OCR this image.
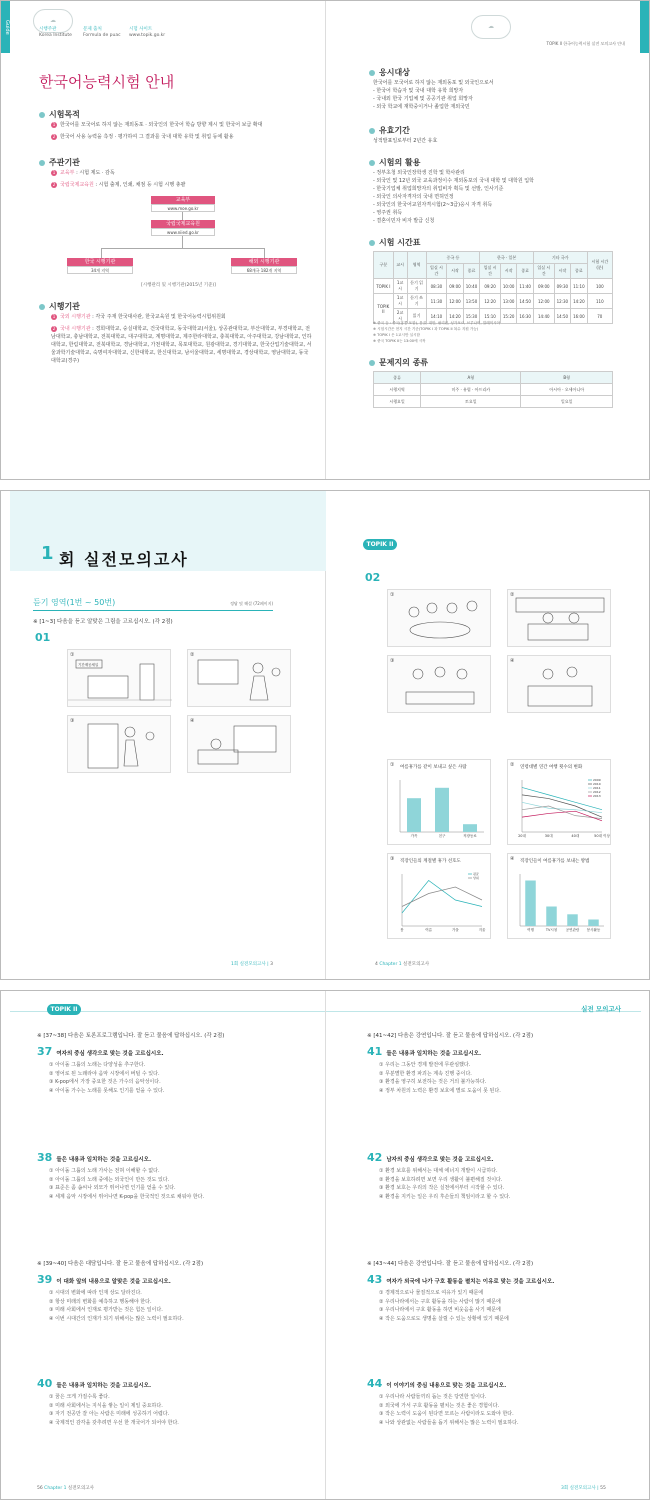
Guide	☁
☁
시행주관
Korea Institute
문제 출처
Formula de puac
시험 사이트
www.topik.go.kr
TOPIK II 한국어능력시험 실전 모의고사 안내
한국어능력시험 안내
시험목적
1 한국어를 모국어로 하지 않는 재외동포 · 외국인의 한국어 학습 방향 제시 및 한국어 보급 확대
2 한국어 사용 능력을 측정 · 평가하여 그 결과를 국내 대학 유학 및 취업 등에 활용
주관기관
1 교육부 : 시험 제도 · 감독
2 국립국제교육원 : 시험 출제, 인쇄, 채점 등 시험 시행 총괄
교육부
www.moe.go.kr
국립국제교육원
www.niied.go.kr
한국 시행기관
34개 지역
해외 시행기관
68개국 182개 지역
[시행관리 및 시행기관(2015년 기준)]
시행기관
1 국외 시행기관 : 각국 주재 한국대사관, 한국교육원 및 한국어능력시험위원회
2 국내 시행기관 : 경희대학교, 숭실대학교, 건국대학교, 동국대학교(서울), 상공관대학교, 부산대학교, 부경대학교, 전남대학교, 충남대학교, 전북대학교, 대구대학교, 계명대학교, 제주한라대학교, 충북대학교, 아주대학교, 강남대학교, 인하대학교, 한림대학교, 전북대학교, 경남대학교, 가천대학교, 목포대학교, 원광대학교, 경기대학교, 한국산업기술대학교, 서울과학기술대학교, 숙명여자대학교, 신한대학교, 한신대학교, 남서울대학교, 세명대학교, 경상대학교, 영남대학교, 동국대학교(경주)
응시대상
한국어를 모국어로 하지 않는 재외동포 및 외국인으로서
- 한국어 학습자 및 국내 대학 유학 희망자
- 국내외 한국 기업체 및 공공기관 취업 희망자
- 외국 학교에 재학중이거나 졸업한 재외국민
유효기간
성적발표일로부터 2년간 유효
시험의 활용
- 정부초청 외국인장학생 진학 및 학사관리
- 외국인 및 12년 외국 교육과정이수 재외동포의 국내 대학 및 대학원 입학
- 한국기업체 취업희망자의 취업비자 획득 및 선발, 인사기준
- 외국인 의사자격자의 국내 면허인정
- 외국인의 한국어교원자격시험(2~3급)응시 자격 취득
- 영주권 취득
- 결혼이민자 비자 발급 신청
시험 시간표
구분	교시	영역	중국 등			한국 · 일본			기타 국가			시험 시간(분)
			입실 시간	시작	종료	입실 시간	시작	종료	입실 시간	시작	종료	
TOPIK I	1교시	듣기 읽기	08:30	09:00	10:40	09:20	10:00	11:40	09:00	09:30	11:10	100
TOPIK II	1교시	듣기 쓰기	11:30	12:00	13:50	12:20	13:00	14:50	12:00	12:30	14:20	110
	2교시	읽기	14:10	14:20	15:30	15:10	15:20	16:30	14:40	14:50	16:00	70
※ 중국 등 : 중국(홍콩 포함), 몽골, 대만, 필리핀, 싱가포르, 브루나이, 말레이시아
※ 시험시간은 현지 시간 기준(TOPIK I 과 TOPIK II 복수 지원 가능)
※ TOPIK I 은 1교시만 실시함
※ 중국 TOPIK II는 13:00에 시작
문제지의 종류
종류	A형	B형
시행지역	미주 · 유럽 · 아프리카	아시아 · 오세아니아
시행요일	토요일	일요일
1 회 실전모의고사
TOPIK II
듣기 영역(1번 ~ 50번)	정답 및 해설 (72페이지)
※ [1~3] 다음을 듣고 알맞은 그림을 고르십시오. (각 2점)
01
02
①
기간제공세일
②
③	④
①	②
③	④
① 여름휴가를 같이 보내고 싶은 사람
가족	친구	직장동료
② 연령대별 연간 여행 횟수의 변화
20대	30대	40대	50대 이상
2009
2010
2011
2012
2013
③ 직장인들의 계절별 휴가 선호도
봄	여름	가을	겨울
평균
상위
④ 직장인들이 여름휴가를 보내는 방법
여행	TV시청 공연관람 봉사활동
1회 실전모의고사 | 3	4 Chapter 1 실전모의고사
TOPIK II	실전 모의고사
※ [37~38] 다음은 토론프로그램입니다. 잘 듣고 물음에 답하십시오. (각 2점)
※ [39~40] 다음은 대담입니다. 잘 듣고 물음에 답하십시오. (각 2점)
※ [41~42] 다음은 강연입니다. 잘 듣고 물음에 답하십시오. (각 2점)
※ [43~44] 다음은 강연입니다. 잘 듣고 물음에 답하십시오. (각 2점)
37 여자의 중심 생각으로 맞는 것을 고르십시오.
① 아이돌 그룹의 노래는 다양성을 추구한다.
② 영어로 된 노래라야 음악 시장에서 버틸 수 있다.
③ K-pop에서 가장 중요한 것은 가수의 음악성이다.
④ 아이돌 가수는 노래를 못해도 인기를 얻을 수 있다.
38 들은 내용과 일치하는 것을 고르십시오.
① 아이돌 그룹의 노래 가사는 전혀 이해할 수 없다.
② 아이돌 그룹의 노래 중에는 외국인이 만든 것도 있다.
③ 표준은 좀 솜씨나 외모가 뛰어나면 인기를 얻을 수 있다.
④ 세계 음악 시장에서 뛰어나면 K-pop을 한국적인 것으로 채워야 한다.
39 이 대화 앞의 내용으로 알맞은 것을 고르십시오.
① 시대의 변화에 따라 인재 상도 달라진다.
② 항상 미래의 변화를 예측하고 행동해야 한다.
③ 미래 사회에서 인재로 평가받는 것은 힘든 일이다.
④ 이번 시대간의 인재가 되기 위해서는 많은 노력이 필요하다.
40 들은 내용과 일치하는 것을 고르십시오.
① 꿈은 크게 가질수록 좋다.
② 미래 사회에서는 지식을 쌓는 일이 제일 중요하다.
③ 자기 전공만 잘 아는 사람은 미래에 성공하기 어렵다.
④ 국제적인 감각을 갖추려면 우선 한 개국어가 되어야 한다.
41 들은 내용과 일치하는 것을 고르십시오.
① 우리는 그동안 경제 발전에 무관심했다.
② 무분별한 환경 파괴는 계속 진행 중이다.
③ 환경을 영구히 보전하는 것은 거의 불가능하다.
④ 정부 차원의 노력은 환경 보호에 별로 도움이 못 된다.
42 남자의 중심 생각으로 맞는 것을 고르십시오.
① 환경 보호를 위해서는 대체 에너지 개발이 시급하다.
② 환경을 보호하려면 보면 우리 생활이 불편해질 것이다.
③ 환경 보호는 우리의 작은 실천에서부터 시작할 수 있다.
④ 환경을 지키는 일은 우리 후손들의 책임이라고 할 수 있다.
43 여자가 외국에 나가 구호 활동을 펼치는 이유로 맞는 것을 고르십시오.
① 경제적으로나 물질적으로 여유가 있기 때문에
② 우리나라에서는 구호 활동을 하는 사람이 많기 때문에
③ 우리나라에서 구호 활동을 하면 비웃음을 사기 때문에
④ 작은 도움으로도 생명을 살릴 수 있는 상황에 있기 때문에
44 이 이야기의 중심 내용으로 맞는 것을 고르십시오.
① 우리나라 사람들끼리 돕는 것은 당연한 일이다.
② 외국에 가서 구호 활동을 펼치는 것은 좋은 경험이다.
③ 작은 노력이 도움이 된다면 모르는 사람이라도 도와야 한다.
④ 나와 상관없는 사람들을 돕기 위해서는 많은 노력이 필요하다.
56 Chapter 1 실전모의고사	3회 실전모의고사 | 55
